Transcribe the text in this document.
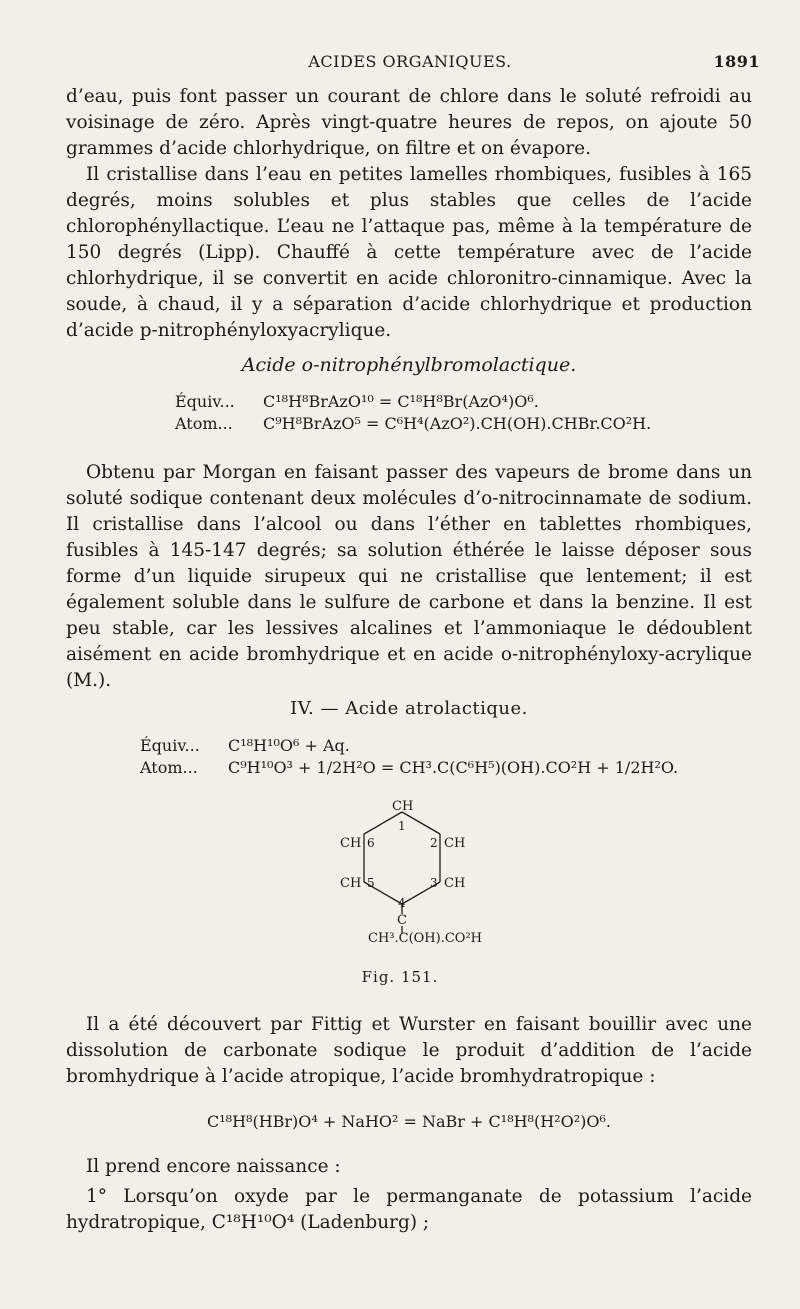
ACIDES ORGANIQUES.	1891

d’eau, puis font passer un courant de chlore dans le soluté refroidi au voisinage de zéro. Après vingt-quatre heures de repos, on ajoute 50 grammes d’acide chlorhydrique, on filtre et on évapore.

Il cristallise dans l’eau en petites lamelles rhombiques, fusibles à 165 degrés, moins solubles et plus stables que celles de l’acide chlorophényllactique. L’eau ne l’attaque pas, même à la température de 150 degrés (Lipp). Chauffé à cette température avec de l’acide chlorhydrique, il se convertit en acide chloronitro-cinnamique. Avec la soude, à chaud, il y a séparation d’acide chlorhydrique et production d’acide p-nitrophényloxyacrylique.

Acide o-nitrophénylbromolactique.
Équiv... C¹⁸H⁸BrAzO¹⁰ = C¹⁸H⁸Br(AzO⁴)O⁶.
Atom... C⁹H⁸BrAzO⁵ = C⁶H⁴(AzO²).CH(OH).CHBr.CO²H.

Obtenu par Morgan en faisant passer des vapeurs de brome dans un soluté sodique contenant deux molécules d’o-nitrocinnamate de sodium. Il cristallise dans l’alcool ou dans l’éther en tablettes rhombiques, fusibles à 145-147 degrés; sa solution éthérée le laisse déposer sous forme d’un liquide sirupeux qui ne cristallise que lentement; il est également soluble dans le sulfure de carbone et dans la benzine. Il est peu stable, car les lessives alcalines et l’ammoniaque le dédoublent aisément en acide bromhydrique et en acide o-nitrophényloxy-acrylique (M.).

IV. — Acide atrolactique.
Équiv... C¹⁸H¹⁰O⁶ + Aq.
Atom... C⁹H¹⁰O³ + 1/2H²O = CH³.C(C⁶H⁵)(OH).CO²H + 1/2H²O.
CH
CH	CH
CH	CH
1
2
3
4
5
6
C
CH³.C(OH).CO²H
Fig. 151.

Il a été découvert par Fittig et Wurster en faisant bouillir avec une dissolution de carbonate sodique le produit d’addition de l’acide bromhydrique à l’acide atropique, l’acide bromhydratropique :

C¹⁸H⁸(HBr)O⁴ + NaHO² = NaBr + C¹⁸H⁸(H²O²)O⁶.

Il prend encore naissance :

1° Lorsqu’on oxyde par le permanganate de potassium l’acide hydratropique, C¹⁸H¹⁰O⁴ (Ladenburg) ;
